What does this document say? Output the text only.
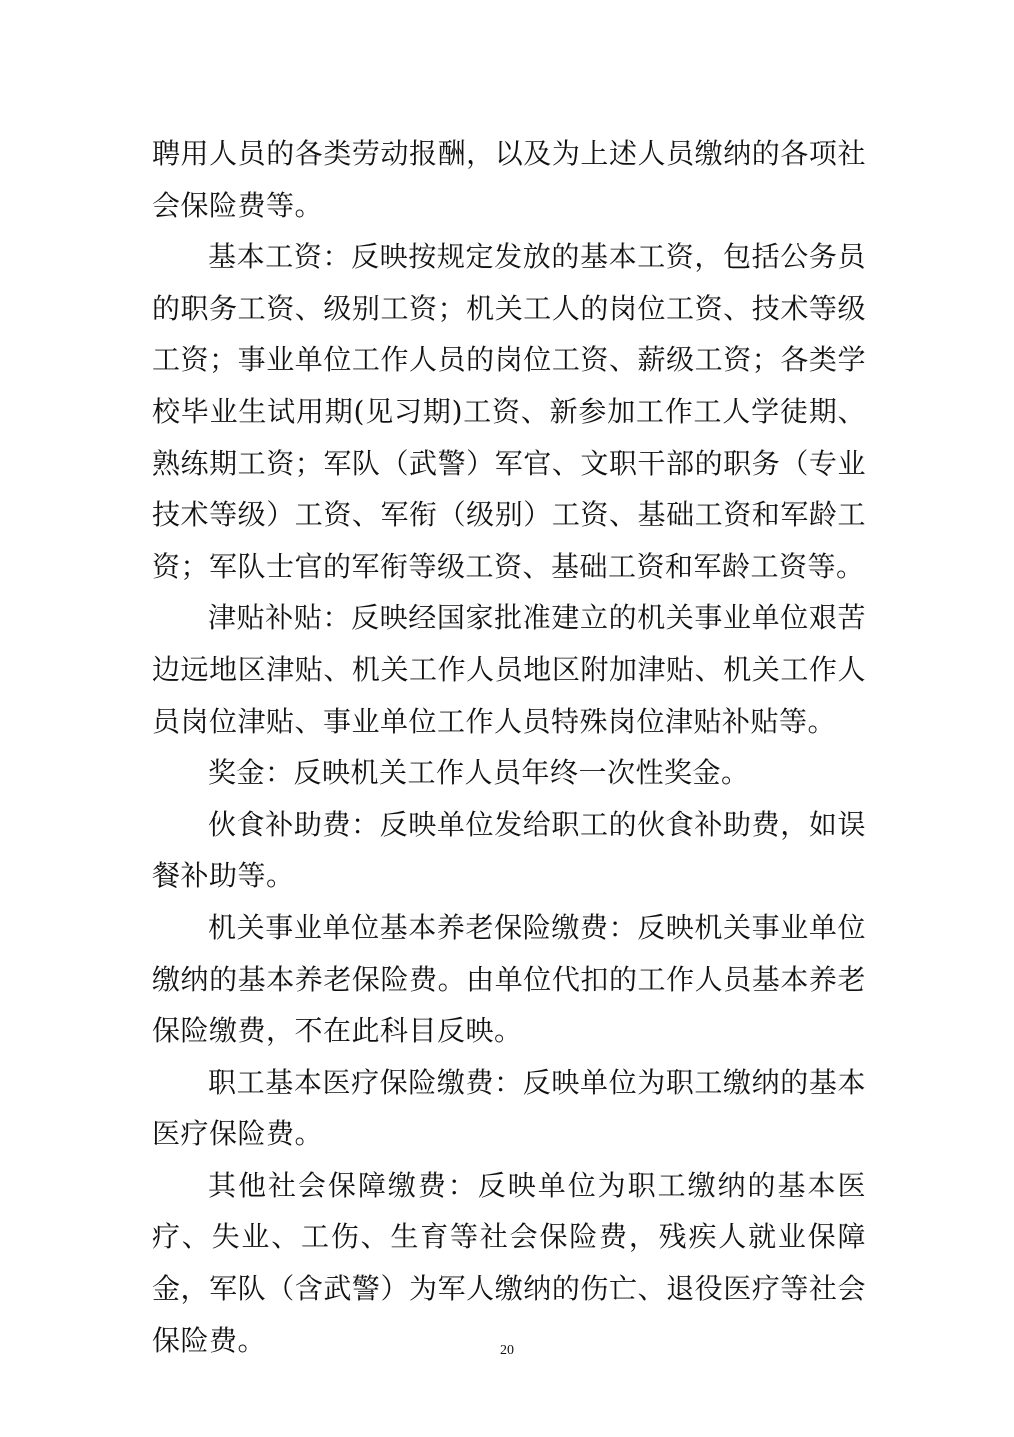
聘用人员的各类劳动报酬，以及为上述人员缴纳的各项社会保险费等。

基本工资：反映按规定发放的基本工资，包括公务员的职务工资、级别工资；机关工人的岗位工资、技术等级工资；事业单位工作人员的岗位工资、薪级工资；各类学校毕业生试用期(见习期)工资、新参加工作工人学徒期、熟练期工资；军队（武警）军官、文职干部的职务（专业技术等级）工资、军衔（级别）工资、基础工资和军龄工资；军队士官的军衔等级工资、基础工资和军龄工资等。

津贴补贴：反映经国家批准建立的机关事业单位艰苦边远地区津贴、机关工作人员地区附加津贴、机关工作人员岗位津贴、事业单位工作人员特殊岗位津贴补贴等。

奖金：反映机关工作人员年终一次性奖金。

伙食补助费：反映单位发给职工的伙食补助费，如误餐补助等。

机关事业单位基本养老保险缴费：反映机关事业单位缴纳的基本养老保险费。由单位代扣的工作人员基本养老保险缴费，不在此科目反映。

职工基本医疗保险缴费：反映单位为职工缴纳的基本医疗保险费。

其他社会保障缴费：反映单位为职工缴纳的基本医疗、失业、工伤、生育等社会保险费，残疾人就业保障金，军队（含武警）为军人缴纳的伤亡、退役医疗等社会保险费。	20
